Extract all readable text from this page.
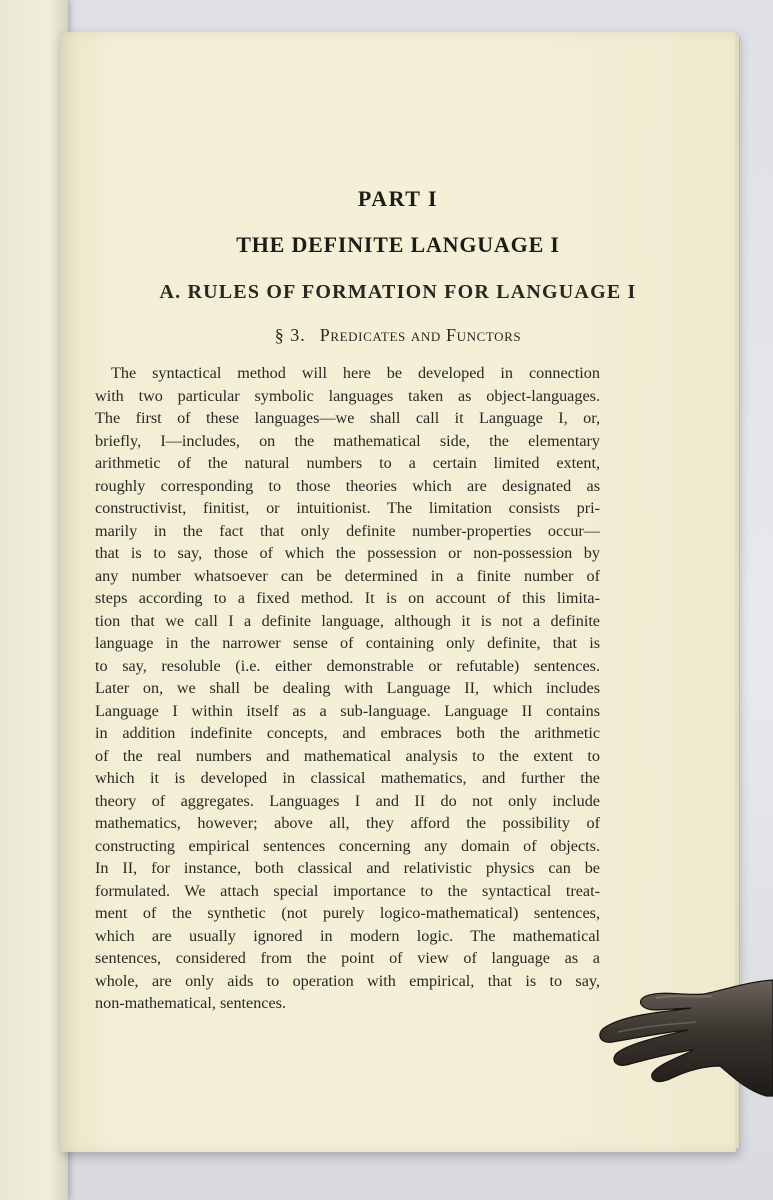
PART I
THE DEFINITE LANGUAGE I
A. RULES OF FORMATION FOR LANGUAGE I
§ 3. Predicates and Functors
The syntactical method will here be developed in connection
with two particular symbolic languages taken as object-languages.
The first of these languages—we shall call it Language I, or,
briefly, I—includes, on the mathematical side, the elementary
arithmetic of the natural numbers to a certain limited extent,
roughly corresponding to those theories which are designated as
constructivist, finitist, or intuitionist. The limitation consists pri-
marily in the fact that only definite number-properties occur—
that is to say, those of which the possession or non-possession by
any number whatsoever can be determined in a finite number of
steps according to a fixed method. It is on account of this limita-
tion that we call I a definite language, although it is not a definite
language in the narrower sense of containing only definite, that is
to say, resoluble (i.e. either demonstrable or refutable) sentences.
Later on, we shall be dealing with Language II, which includes
Language I within itself as a sub-language. Language II contains
in addition indefinite concepts, and embraces both the arithmetic
of the real numbers and mathematical analysis to the extent to
which it is developed in classical mathematics, and further the
theory of aggregates. Languages I and II do not only include
mathematics, however; above all, they afford the possibility of
constructing empirical sentences concerning any domain of objects.
In II, for instance, both classical and relativistic physics can be
formulated. We attach special importance to the syntactical treat-
ment of the synthetic (not purely logico-mathematical) sentences,
which are usually ignored in modern logic. The mathematical
sentences, considered from the point of view of language as a
whole, are only aids to operation with empirical, that is to say,
non-mathematical, sentences.
